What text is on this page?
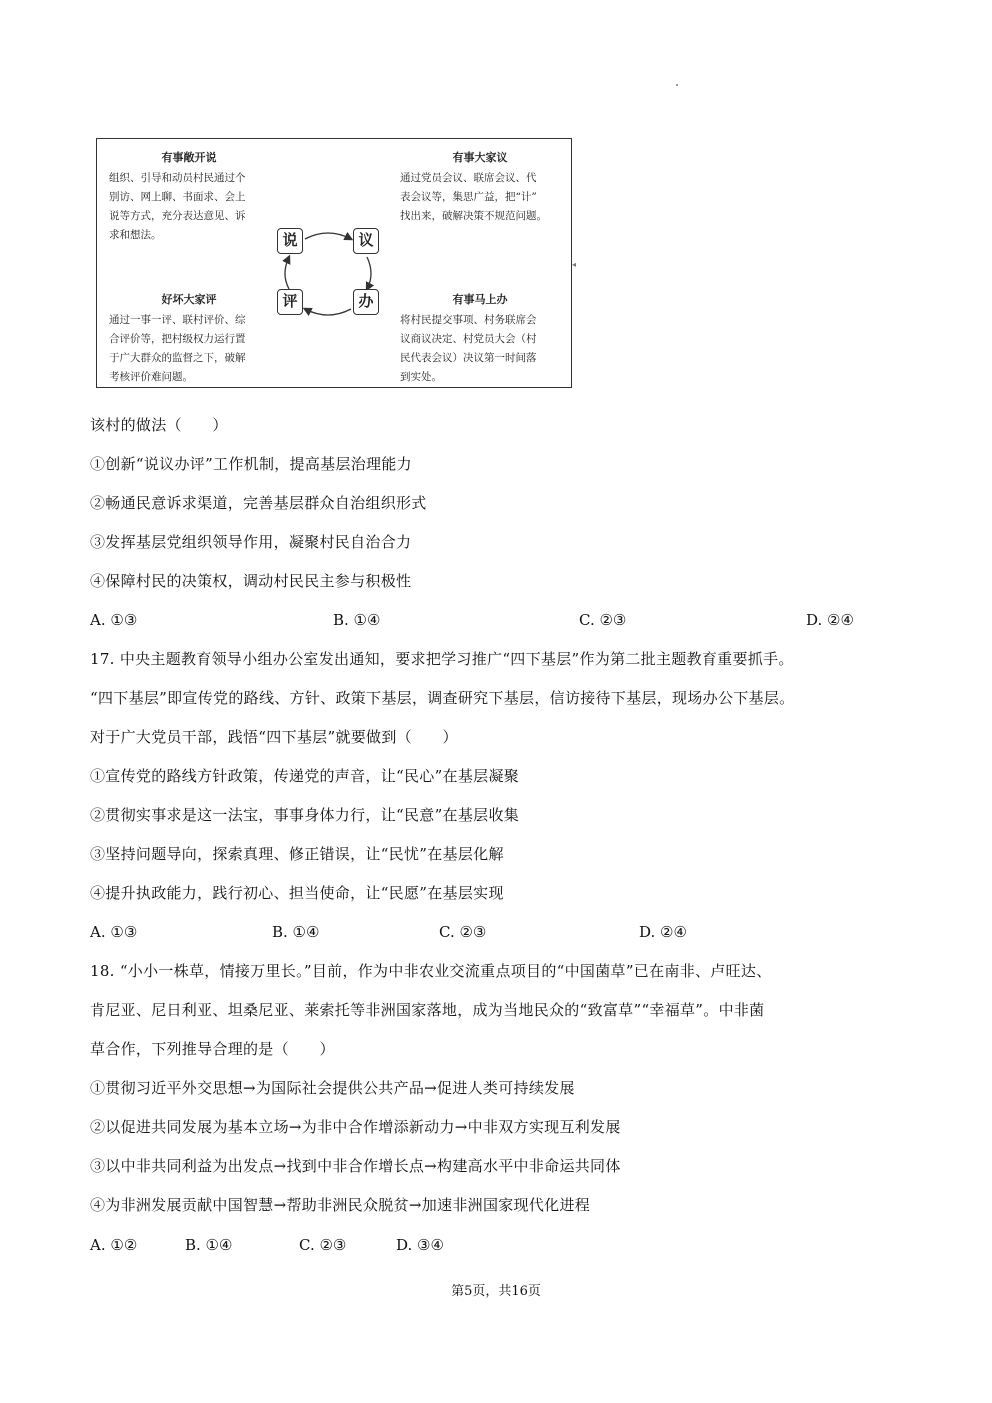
有事敞开说
组织、引导和动员村民通过个
别访、网上聊、书面求、会上
说等方式，充分表达意见、诉
求和想法。
有事大家议
通过党员会议、联席会议、代
表会议等，集思广益，把“计”
找出来，破解决策不规范问题。
好坏大家评
通过一事一评、联村评价、综
合评价等，把村级权力运行置
于广大群众的监督之下，破解
考核评价难问题。
有事马上办
将村民提交事项、村务联席会
议商议决定、村党员大会（村
民代表会议）决议第一时间落
到实处。
说	议
办
评
◂
该村的做法（　　）
①创新“说议办评”工作机制，提高基层治理能力
②畅通民意诉求渠道，完善基层群众自治组织形式
③发挥基层党组织领导作用，凝聚村民自治合力
④保障村民的决策权，调动村民民主参与积极性
A. ①③	B. ①④	C. ②③	D. ②④
17. 中央主题教育领导小组办公室发出通知，要求把学习推广“四下基层”作为第二批主题教育重要抓手。
“四下基层”即宣传党的路线、方针、政策下基层，调查研究下基层，信访接待下基层，现场办公下基层。
对于广大党员干部，践悟“四下基层”就要做到（　　）
①宣传党的路线方针政策，传递党的声音，让“民心”在基层凝聚
②贯彻实事求是这一法宝，事事身体力行，让“民意”在基层收集
③坚持问题导向，探索真理、修正错误，让“民忧”在基层化解
④提升执政能力，践行初心、担当使命，让“民愿”在基层实现
A. ①③	B. ①④	C. ②③	D. ②④
18. “小小一株草，情接万里长。”目前，作为中非农业交流重点项目的“中国菌草”已在南非、卢旺达、
肯尼亚、尼日利亚、坦桑尼亚、莱索托等非洲国家落地，成为当地民众的“致富草”“幸福草”。中非菌
草合作，下列推导合理的是（　　）
①贯彻习近平外交思想→为国际社会提供公共产品→促进人类可持续发展
②以促进共同发展为基本立场→为非中合作增添新动力→中非双方实现互利发展
③以中非共同利益为出发点→找到中非合作增长点→构建高水平中非命运共同体
④为非洲发展贡献中国智慧→帮助非洲民众脱贫→加速非洲国家现代化进程
A. ①②	B. ①④	C. ②③	D. ③④
第5页，共16页
